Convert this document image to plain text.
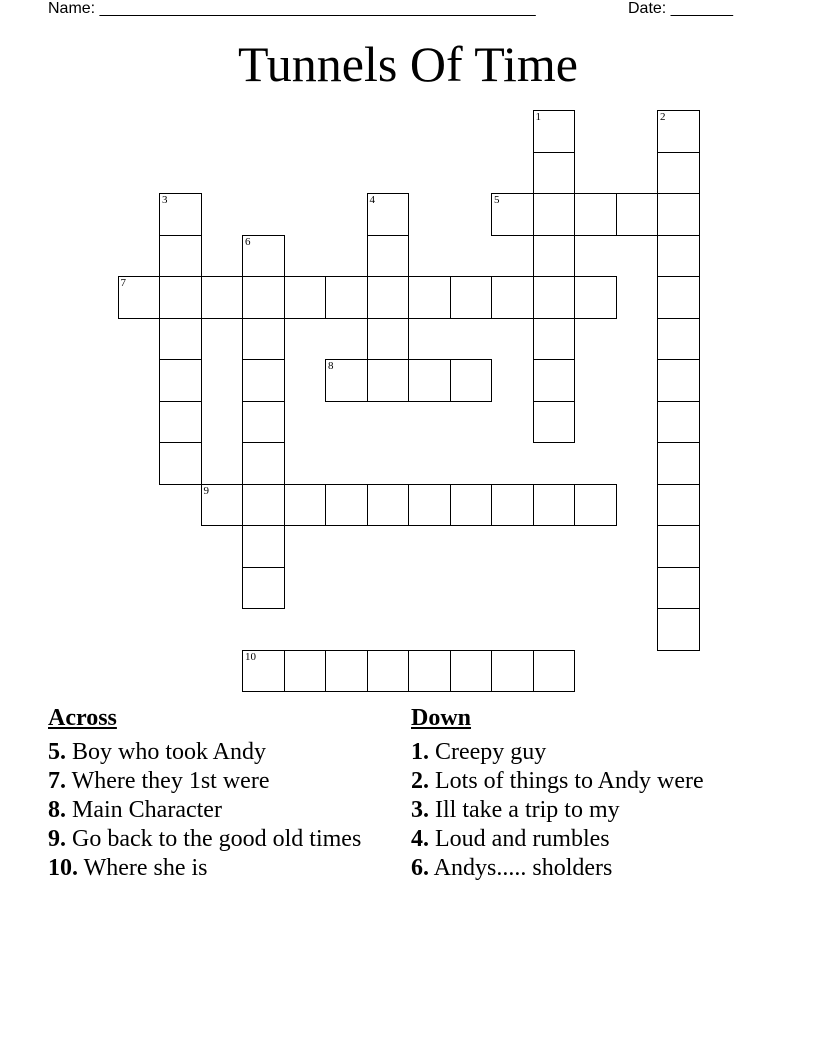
Name: _________________________________________________	Date: _______
Tunnels Of Time
1	2
3	4	5
6
7
8
9
10
Across
5. Boy who took Andy
7. Where they 1st were
8. Main Character
9. Go back to the good old times
10. Where she is
Down
1. Creepy guy
2. Lots of things to Andy were
3. Ill take a trip to my
4. Loud and rumbles
6. Andys..... sholders
